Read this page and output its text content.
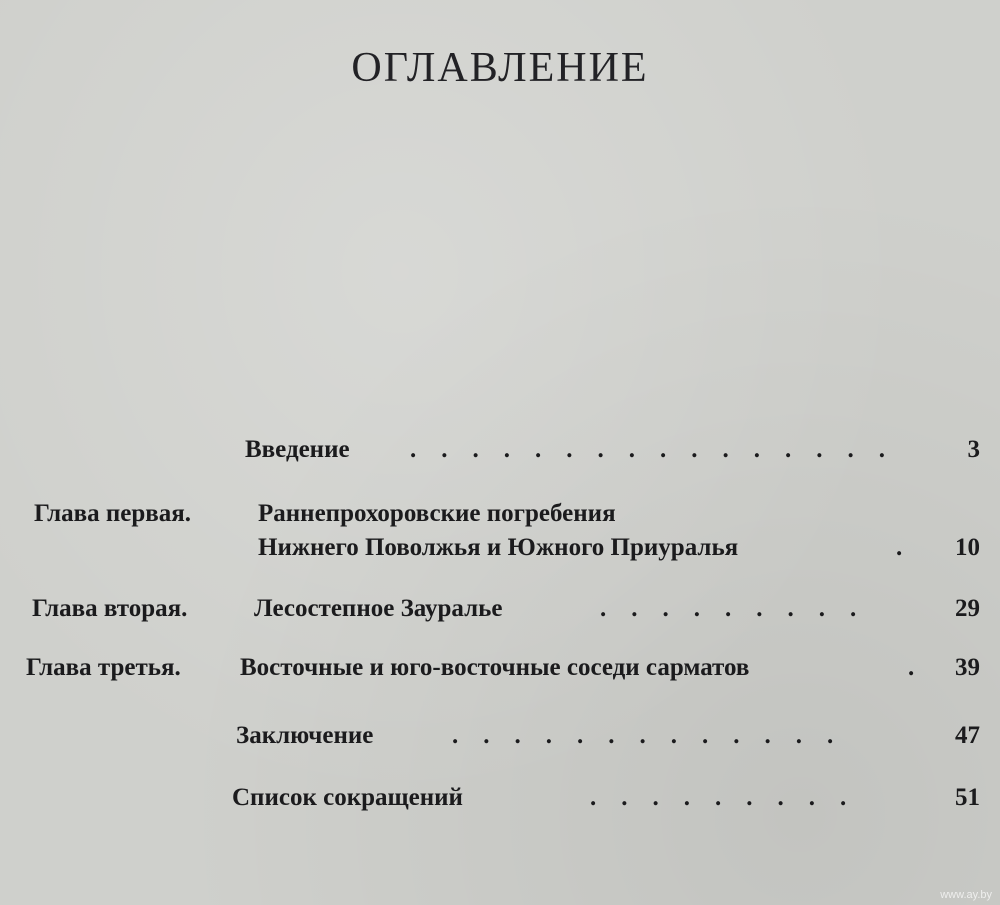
ОГЛАВЛЕНИЕ
Введение .    .    .    .    .    .    .    .    .    .    .    .    .    .    .    .	3
Глава первая.	Раннепрохоровские погребения
Нижнего Поволжья и Южного Приуралья	. 10
Глава вторая.	Лесостепное Зауралье	.    .    .    .    .    .    .    .    .	29
Глава третья. Восточные и юго-восточные соседи сарматов	. 39
Заключение	.    .    .    .    .    .    .    .    .    .    .    .    .	47
Список сокращений	.    .    .    .    .    .    .    .    .	51
www.ay.by
